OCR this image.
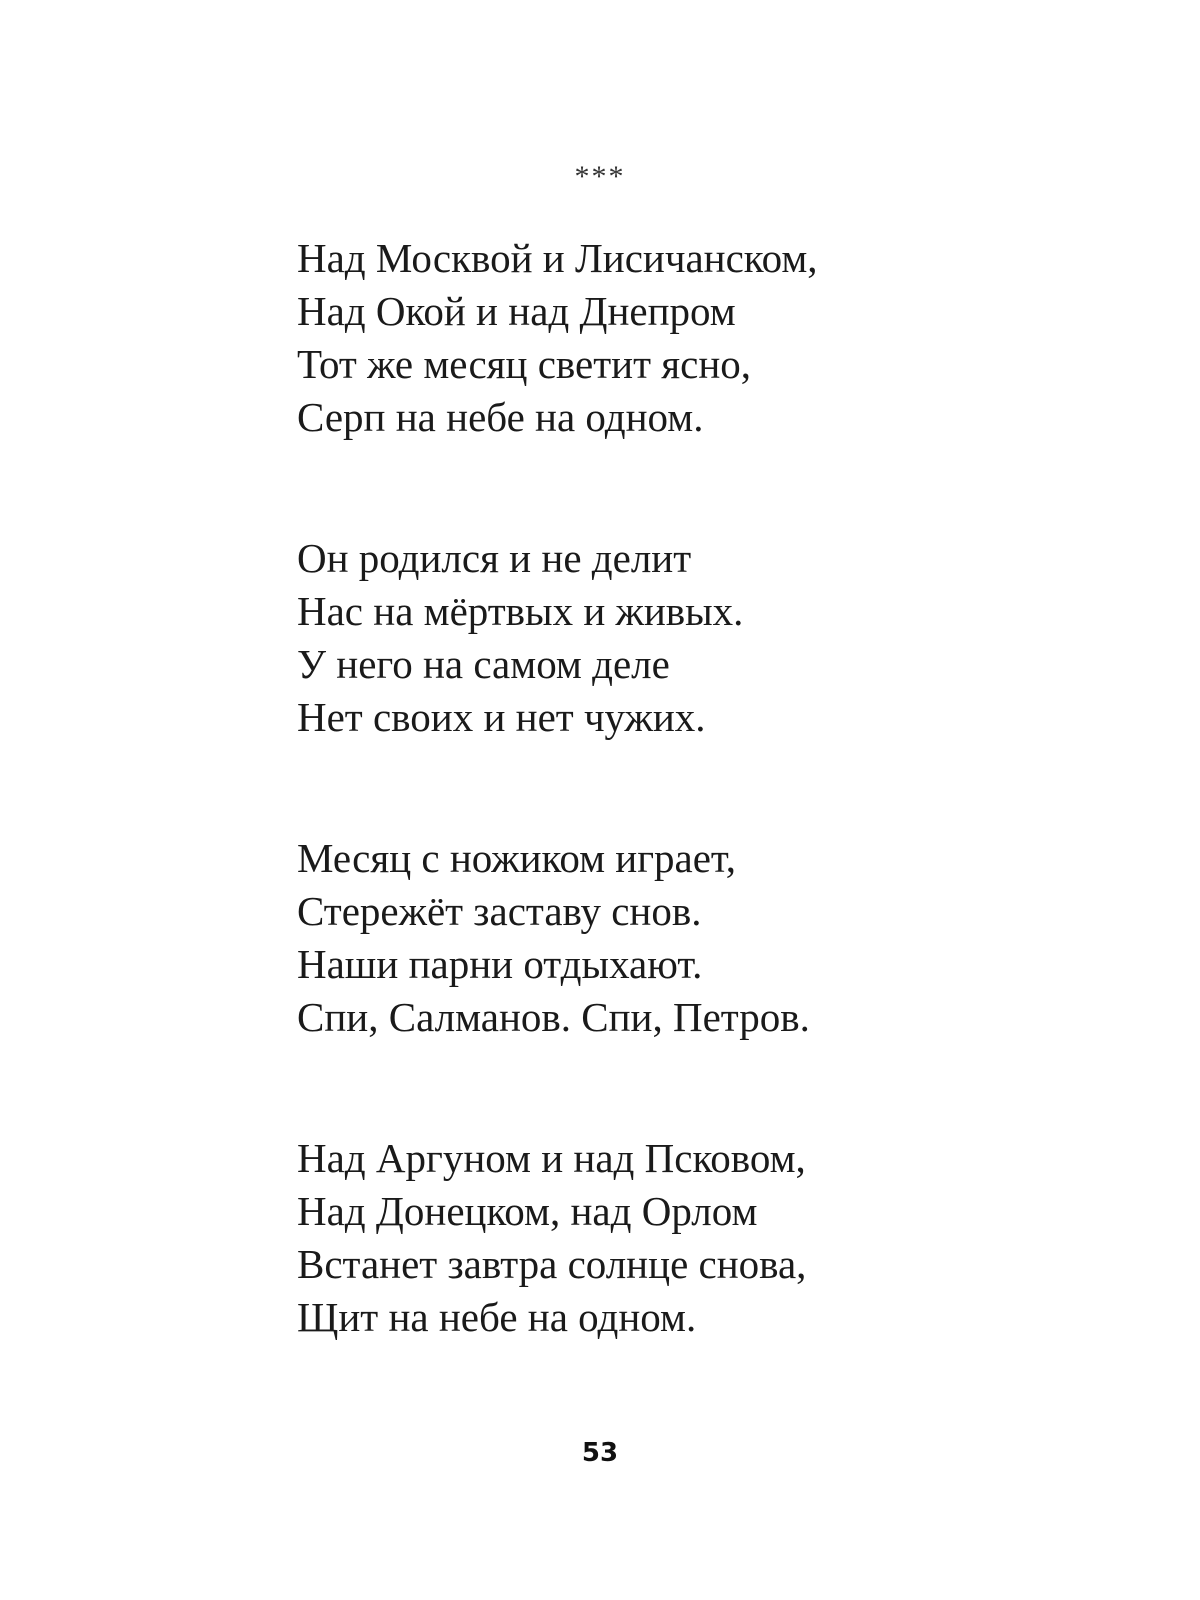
***
Над Москвой и Лисичанском,
Над Окой и над Днепром
Тот же месяц светит ясно,
Серп на небе на одном.
Он родился и не делит
Нас на мёртвых и живых.
У него на самом деле
Нет своих и нет чужих.
Месяц с ножиком играет,
Стережёт заставу снов.
Наши парни отдыхают.
Спи, Салманов. Спи, Петров.
Над Аргуном и над Псковом,
Над Донецком, над Орлом
Встанет завтра солнце снова,
Щит на небе на одном.
53
